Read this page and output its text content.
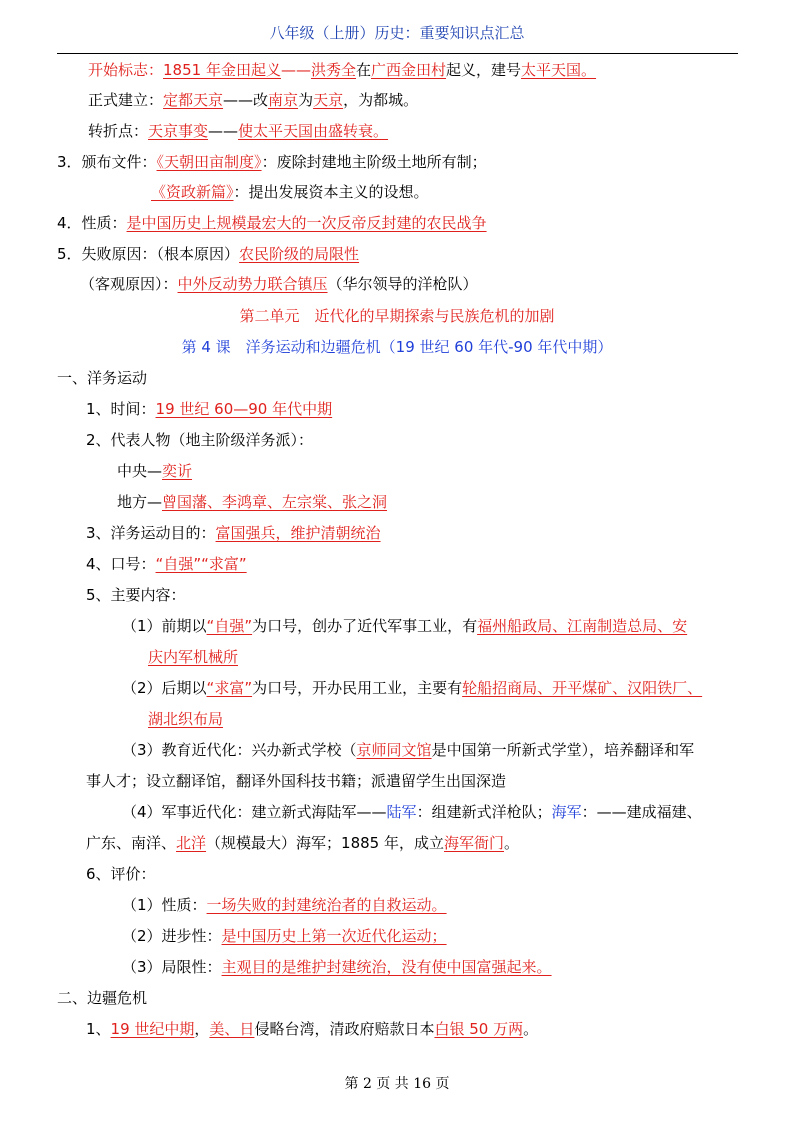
八年级（上册）历史：重要知识点汇总
开始标志：1851 年金田起义——洪秀全在广西金田村起义，建号太平天国。
正式建立：定都天京——改南京为天京，为都城。
转折点：天京事变——使太平天国由盛转衰。
3．颁布文件：《天朝田亩制度》：废除封建地主阶级土地所有制；
《资政新篇》：提出发展资本主义的设想。
4．性质：是中国历史上规模最宏大的一次反帝反封建的农民战争
5．失败原因：（根本原因）农民阶级的局限性
（客观原因）：中外反动势力联合镇压（华尔领导的洋枪队）
第二单元　近代化的早期探索与民族危机的加剧
第 4 课　洋务运动和边疆危机（19 世纪 60 年代-90 年代中期）
一、洋务运动
1、时间：19 世纪 60—90 年代中期
2、代表人物（地主阶级洋务派）：
中央—奕䜣
地方—曾国藩、李鸿章、左宗棠、张之洞
3、洋务运动目的：富国强兵，维护清朝统治
4、口号：“自强”“求富”
5、主要内容：
（1）前期以“自强”为口号，创办了近代军事工业，有福州船政局、江南制造总局、安
庆内军机械所
（2）后期以“求富”为口号，开办民用工业，主要有轮船招商局、开平煤矿、汉阳铁厂、
湖北织布局
（3）教育近代化：兴办新式学校（京师同文馆是中国第一所新式学堂），培养翻译和军
事人才；设立翻译馆，翻译外国科技书籍；派遣留学生出国深造
（4）军事近代化：建立新式海陆军——陆军：组建新式洋枪队；海军：——建成福建、
广东、南洋、北洋（规模最大）海军；1885 年，成立海军衙门。
6、评价：
（1）性质：一场失败的封建统治者的自救运动。
（2）进步性：是中国历史上第一次近代化运动；
（3）局限性：主观目的是维护封建统治，没有使中国富强起来。
二、边疆危机
1、19 世纪中期，美、日侵略台湾，清政府赔款日本白银 50 万两。
第 2 页 共 16 页
